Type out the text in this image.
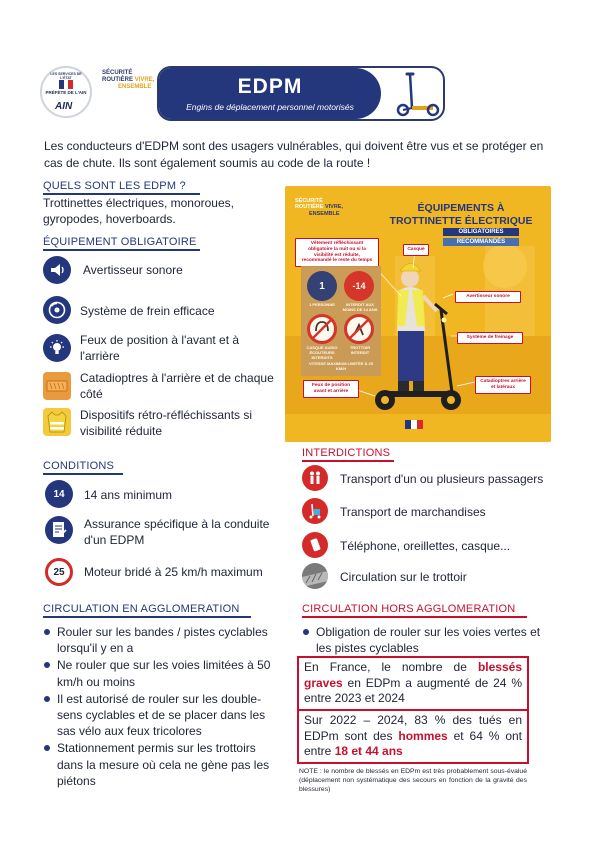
LES SERVICES DE L'ÉTAT
PRÉFÈTE DE L'AIN
AIN
SÉCURITÉ
ROUTIÈRE VIVRE,
ENSEMBLE	EDPM
Engins de déplacement personnel motorisés
Les conducteurs d'EDPM sont des usagers vulnérables, qui doivent être vus et se protéger en cas de chute. Ils sont également soumis au code de la route !
QUELS SONT LES EDPM ?
Trottinettes électriques, monoroues, gyropodes, hoverboards.
ÉQUIPEMENT OBLIGATOIRE
Avertisseur sonore
Système de frein efficace
Feux de position à l'avant et à l'arrière
Catadioptres à l'arrière et de chaque côté
Dispositifs rétro-réfléchissants si visibilité réduite
CONDITIONS
14	14 ans minimum
Assurance spécifique à la conduite d'un EDPM
25	Moteur bridé à 25 km/h maximum
CIRCULATION EN AGGLOMERATION
Rouler sur les bandes / pistes cyclables lorsqu'il y en a
Ne rouler que sur les voies limitées à 50 km/h ou moins
Il est autorisé de rouler sur les double-sens cyclables et de se placer dans les sas vélo aux feux tricolores
Stationnement permis sur les trottoirs dans la mesure où cela ne gène pas les piétons
SÉCURITÉ
ROUTIÈRE VIVRE,
ENSEMBLE	ÉQUIPEMENTS À
TROTTINETTE ÉLECTRIQUE
OBLIGATOIRES
RECOMMANDÉS
Vêtement réfléchissant obligatoire la nuit ou si la visibilité est réduite, recommandé le reste du temps
Casque
Avertisseur sonore
Système de freinage
Feux de position avant et arrière
Catadioptres arrière et latéraux
1	-14
1 PERSONNE	INTERDIT AUX MOINS DE 14 ANS
CASQUE AUDIO ÉCOUTEURS INTERDITS
TROTTOIR INTERDIT
VITESSE MAXIMUM LIMITÉE À 25 KM/H
INTERDICTIONS
Transport d'un ou plusieurs passagers
Transport de marchandises
Téléphone, oreillettes, casque...
Circulation sur le trottoir
CIRCULATION HORS AGGLOMERATION
Obligation de rouler sur les voies vertes et les pistes cyclables
En France, le nombre de blessés graves en EDPm a augmenté de 24 % entre 2023 et 2024
Sur 2022 – 2024, 83 % des tués en EDPm sont des hommes et 64 % ont entre 18 et 44 ans
NOTE : le nombre de blessés en EDPm est très probablement sous-évalué (déplacement non systématique des secours en fonction de la gravité des blessures)
